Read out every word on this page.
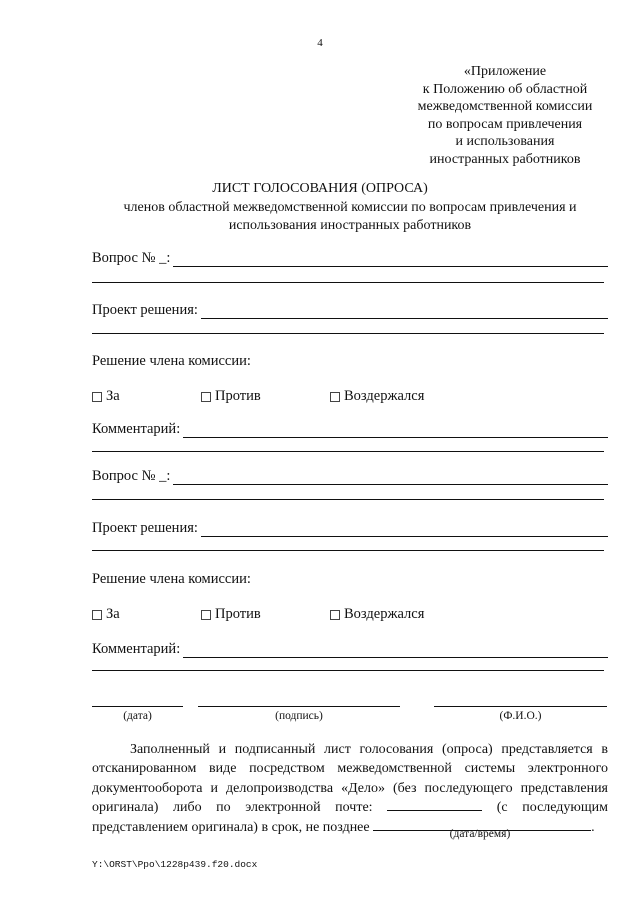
4
«Приложение
к Положению об областной
межведомственной комиссии
по вопросам привлечения
и использования
иностранных работников
ЛИСТ ГОЛОСОВАНИЯ (ОПРОСА)
членов областной межведомственной комиссии по вопросам привлечения и использования иностранных работников
Вопрос № _:
Проект решения:
Решение члена комиссии:
За	Против	Воздержался
Комментарий:
Вопрос № _:
Проект решения:
Решение члена комиссии:
За	Против	Воздержался
Комментарий:
(дата)	(подпись)	(Ф.И.О.)
Заполненный и подписанный лист голосования (опроса) представляется в отсканированном виде посредством межведомственной системы электронного документооборота и делопроизводства «Дело» (без последующего представления оригинала) либо по электронной почте:	(с последующим представлением оригинала) в срок, не позднее	.
(дата/время)
Y:\ORST\Ppo\1228p439.f20.docx
